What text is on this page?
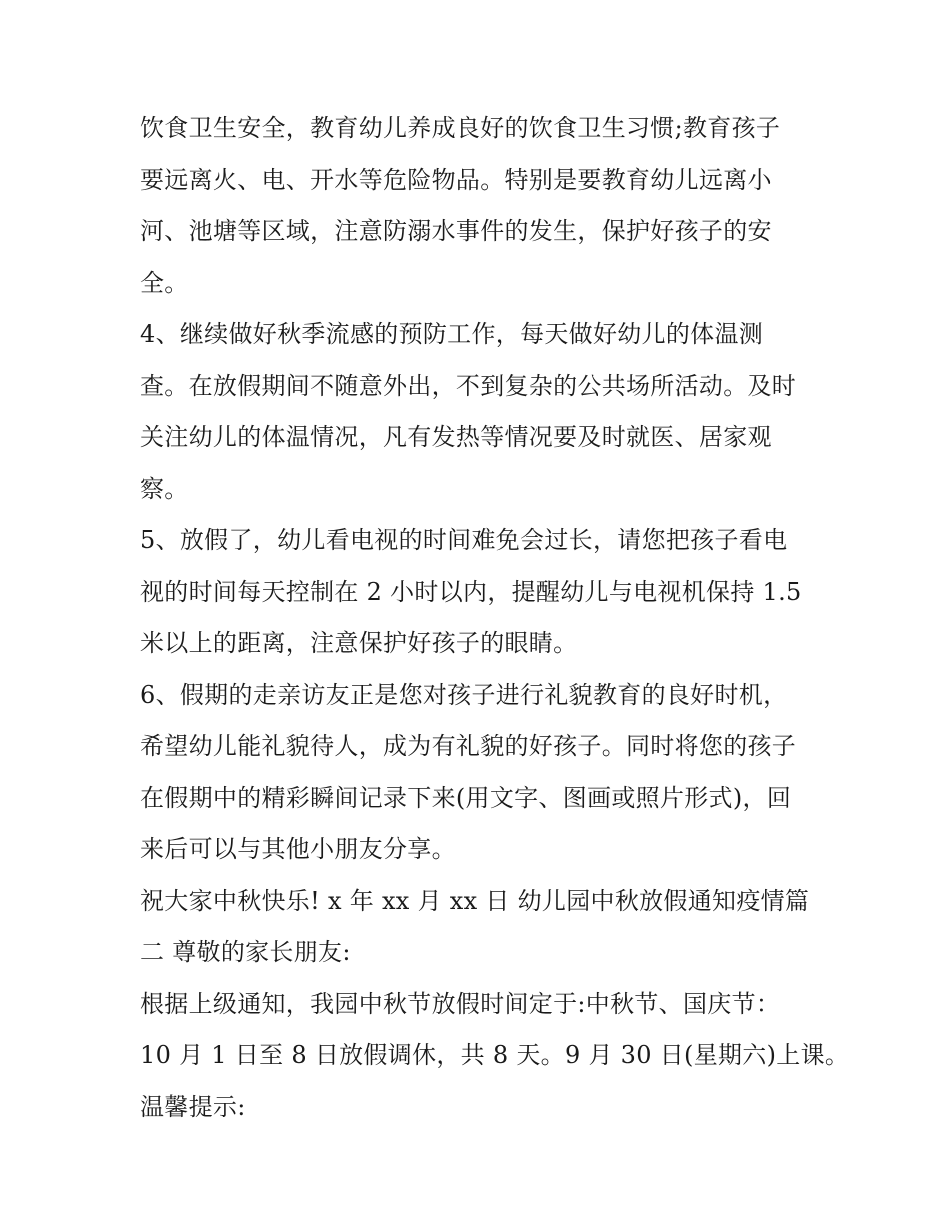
饮食卫生安全，教育幼儿养成良好的饮食卫生习惯;教育孩子
要远离火、电、开水等危险物品。特别是要教育幼儿远离小
河、池塘等区域，注意防溺水事件的发生，保护好孩子的安
全。
4、继续做好秋季流感的预防工作，每天做好幼儿的体温测
查。在放假期间不随意外出，不到复杂的公共场所活动。及时
关注幼儿的体温情况，凡有发热等情况要及时就医、居家观
察。
5、放假了，幼儿看电视的时间难免会过长，请您把孩子看电
视的时间每天控制在 2 小时以内，提醒幼儿与电视机保持 1.5
米以上的距离，注意保护好孩子的眼睛。
6、假期的走亲访友正是您对孩子进行礼貌教育的良好时机，
希望幼儿能礼貌待人，成为有礼貌的好孩子。同时将您的孩子
在假期中的精彩瞬间记录下来(用文字、图画或照片形式)，回
来后可以与其他小朋友分享。
祝大家中秋快乐! x 年 xx 月 xx 日 幼儿园中秋放假通知疫情篇
二 尊敬的家长朋友:
根据上级通知，我园中秋节放假时间定于:中秋节、国庆节：
10 月 1 日至 8 日放假调休，共 8 天。9 月 30 日(星期六)上课。
温馨提示:
